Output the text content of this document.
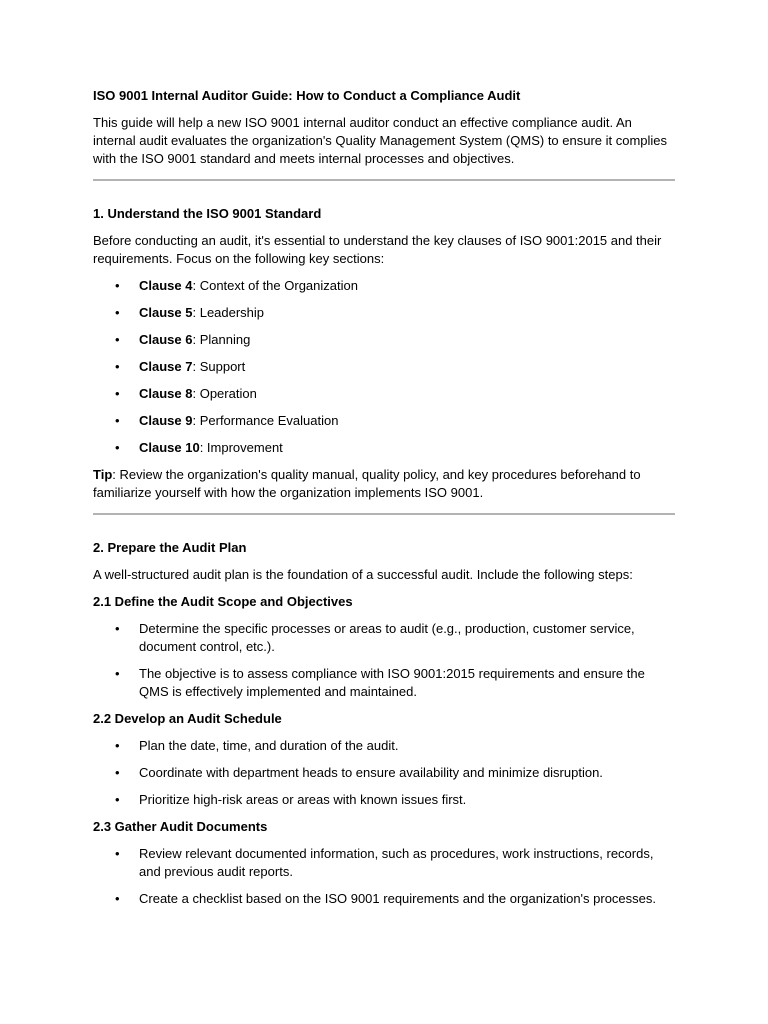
ISO 9001 Internal Auditor Guide: How to Conduct a Compliance Audit

This guide will help a new ISO 9001 internal auditor conduct an effective compliance audit. An internal audit evaluates the organization's Quality Management System (QMS) to ensure it complies with the ISO 9001 standard and meets internal processes and objectives.

1. Understand the ISO 9001 Standard

Before conducting an audit, it's essential to understand the key clauses of ISO 9001:2015 and their requirements. Focus on the following key sections:

• Clause 4: Context of the Organization
• Clause 5: Leadership
• Clause 6: Planning
• Clause 7: Support
• Clause 8: Operation
• Clause 9: Performance Evaluation
• Clause 10: Improvement

Tip: Review the organization's quality manual, quality policy, and key procedures beforehand to familiarize yourself with how the organization implements ISO 9001.

2. Prepare the Audit Plan

A well-structured audit plan is the foundation of a successful audit. Include the following steps:

2.1 Define the Audit Scope and Objectives

• Determine the specific processes or areas to audit (e.g., production, customer service, document control, etc.).
• The objective is to assess compliance with ISO 9001:2015 requirements and ensure the QMS is effectively implemented and maintained.

2.2 Develop an Audit Schedule

• Plan the date, time, and duration of the audit.
• Coordinate with department heads to ensure availability and minimize disruption.
• Prioritize high-risk areas or areas with known issues first.

2.3 Gather Audit Documents

• Review relevant documented information, such as procedures, work instructions, records, and previous audit reports.
• Create a checklist based on the ISO 9001 requirements and the organization's processes.
